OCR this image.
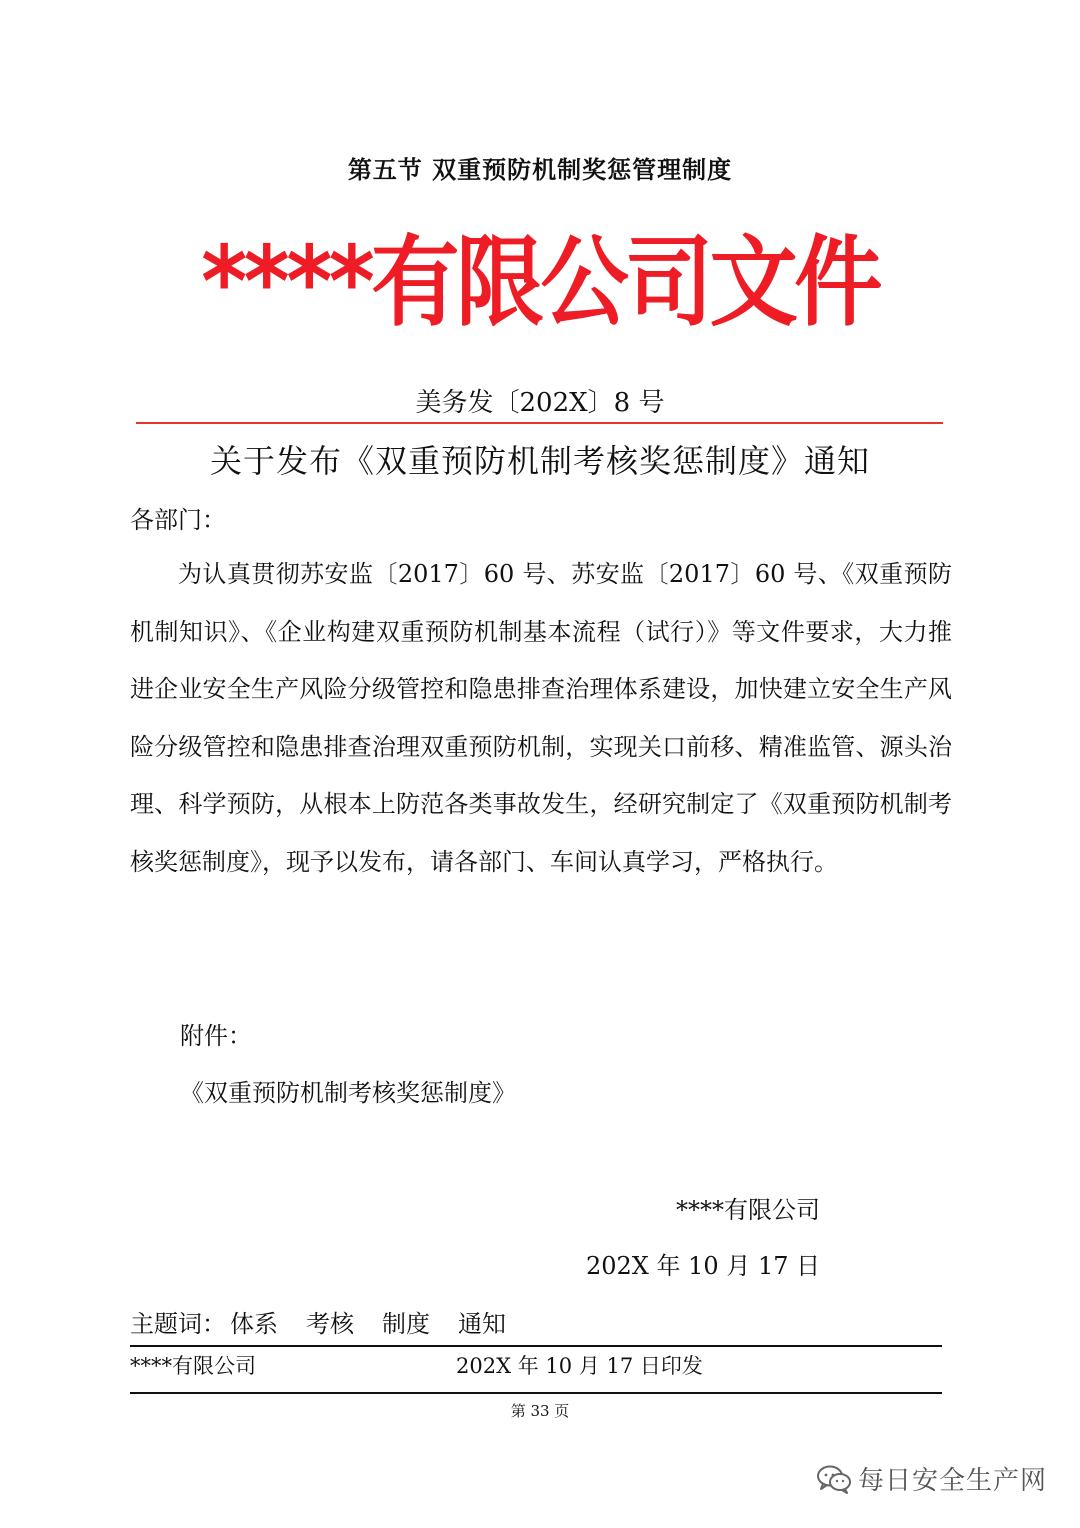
第五节 双重预防机制奖惩管理制度
****有限公司文件
美务发〔202X〕8 号
关于发布《双重预防机制考核奖惩制度》通知
各部门：
为认真贯彻苏安监〔2017〕60 号、苏安监〔2017〕60 号、《双重预防机制知识》、《企业构建双重预防机制基本流程（试行）》等文件要求，大力推进企业安全生产风险分级管控和隐患排查治理体系建设，加快建立安全生产风险分级管控和隐患排查治理双重预防机制，实现关口前移、精准监管、源头治理、科学预防，从根本上防范各类事故发生，经研究制定了《双重预防机制考核奖惩制度》，现予以发布，请各部门、车间认真学习，严格执行。
附件：
《双重预防机制考核奖惩制度》
****有限公司
202X 年 10 月 17 日
主题词： 体系 考核 制度 通知
****有限公司	202X 年 10 月 17 日印发
第 33 页
每日安全生产网
